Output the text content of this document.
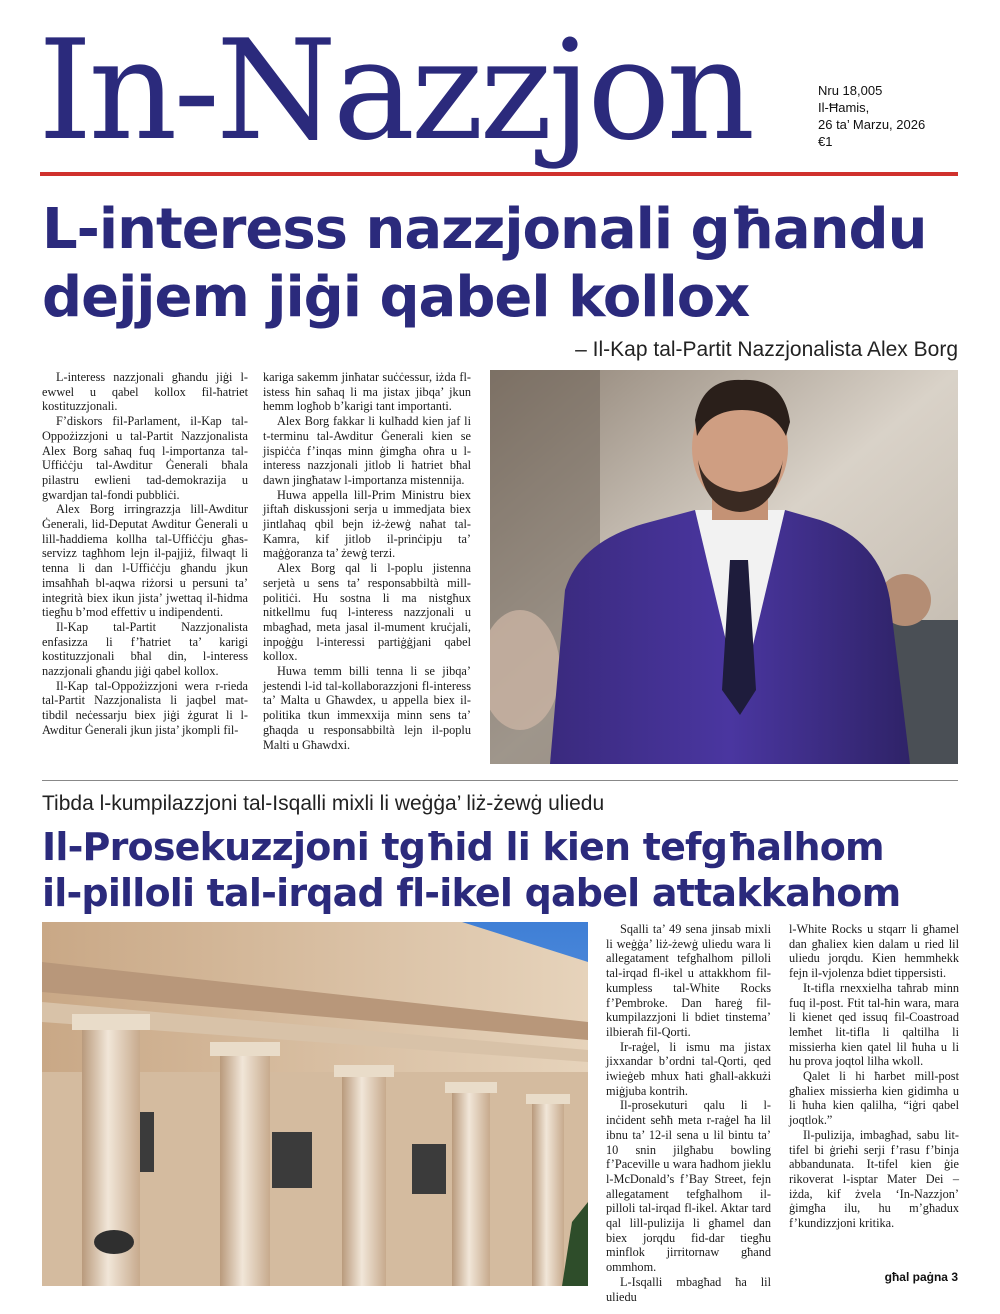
In-Nazzjon	Nru 18,005
Il-Ħamis,
26 ta’ Marzu, 2026
€1
L-interess nazzjonali għandu
dejjem jiġi qabel kollox
– Il-Kap tal-Partit Nazzjonalista Alex Borg

L-interess nazzjonali għandu jiġi l-ewwel u qabel kollox fil-ħatriet kostituzzjonali.

F’diskors fil-Parlament, il-Kap tal-Oppożizzjoni u tal-Partit Nazzjonalista Alex Borg saħaq fuq l-importanza tal-Uffiċċju tal-Awditur Ġenerali bħala pilastru ewlieni tad-demokrazija u gwardjan tal-fondi pubbliċi.

Alex Borg irringrazzja lill-Awditur Ġenerali, lid-Deputat Awditur Ġenerali u lill-ħaddiema kollha tal-Uffiċċju għas-servizz tagħhom lejn il-pajjiż, filwaqt li tenna li dan l-Uffiċċju għandu jkun imsaħħaħ bl-aqwa riżorsi u persuni ta’ integrità biex ikun jista’ jwettaq il-ħidma tiegħu b’mod effettiv u indipendenti.

Il-Kap tal-Partit Nazzjonalista enfasizza li f’ħatriet ta’ karigi kostituzzjonali bħal din, l-interess nazzjonali għandu jiġi qabel kollox.

Il-Kap tal-Oppożizzjoni wera r-rieda tal-Partit Nazzjonalista li jaqbel mat-tibdil neċessarju biex jiġi żgurat li l-Awditur Ġenerali jkun jista’ jkompli fil-

kariga sakemm jinħatar suċċessur, iżda fl-istess ħin saħaq li ma jistax jibqa’ jkun hemm logħob b’karigi tant importanti.

Alex Borg fakkar li kulħadd kien jaf li t-terminu tal-Awditur Ġenerali kien se jispiċċa f’inqas minn ġimgħa oħra u l-interess nazzjonali jitlob li ħatriet bħal dawn jingħataw l-importanza mistennija.

Huwa appella lill-Prim Ministru biex jiftaħ diskussjoni serja u immedjata biex jintlaħaq qbil bejn iż-żewġ naħat tal-Kamra, kif jitlob il-prinċipju ta’ maġġoranza ta’ żewġ terzi.

Alex Borg qal li l-poplu jistenna serjetà u sens ta’ responsabbiltà mill-politiċi. Hu sostna li ma nistgħux nitkellmu fuq l-interess nazzjonali u mbagħad, meta jasal il-mument kruċjali, inpoġġu l-interessi partiġġjani qabel kollox.

Huwa temm billi tenna li se jibqa’ jestendi l-id tal-kollaborazzjoni fl-interess ta’ Malta u Għawdex, u appella biex il-politika tkun immexxija minn sens ta’ għaqda u responsabbiltà lejn il-poplu Malti u Għawdxi.

Tibda l-kumpilazzjoni tal-Isqalli mixli li weġġa’ liż-żewġ uliedu
Il-Prosekuzzjoni tgħid li kien tefgħalhom
il-pilloli tal-irqad fl-ikel qabel attakkahom

Sqalli ta’ 49 sena jinsab mixli li weġġa’ liż-żewġ uliedu wara li allegatament tefgħalhom pilloli tal-irqad fl-ikel u attakkhom fil-kumpless tal-White Rocks f’Pembroke. Dan ħareġ fil-kumpilazzjoni li bdiet tinstema’ ilbieraħ fil-Qorti.

Ir-raġel, li ismu ma jistax jixxandar b’ordni tal-Qorti, qed iwieġeb mhux ħati għall-akkużi miġjuba kontrih.

Il-prosekuturi qalu li l-inċident seħħ meta r-raġel ħa lil ibnu ta’ 12-il sena u lil bintu ta’ 10 snin jilgħabu bowling f’Paceville u wara ħadhom jieklu l-McDonald’s f’Bay Street, fejn allegatament tefgħalhom il-pilloli tal-irqad fl-ikel. Aktar tard qal lill-pulizija li għamel dan biex jorqdu fid-dar tiegħu minflok jirritornaw għand ommhom.

L-Isqalli mbagħad ħa lil uliedu

l-White Rocks u stqarr li għamel dan għaliex kien dalam u ried lil uliedu jorqdu. Kien hemmhekk fejn il-vjolenza bdiet tippersisti.

It-tifla rnexxielha taħrab minn fuq il-post. Ftit tal-ħin wara, mara li kienet qed issuq fil-Coastroad lemħet lit-tifla li qaltilha li missierha kien qatel lil ħuha u li hu prova joqtol lilha wkoll.

Qalet li hi ħarbet mill-post għaliex missierha kien gidimha u li ħuha kien qalilha, “iġri qabel joqtlok.”

Il-pulizija, imbagħad, sabu lit-tifel bi ġrieħi serji f’rasu f’binja abbandunata. It-tifel kien ġie rikoverat l-isptar Mater Dei – iżda, kif żvela ‘In-Nazzjon’ ġimgħa ilu, hu m’għadux f’kundizzjoni kritika.

għal paġna 3
